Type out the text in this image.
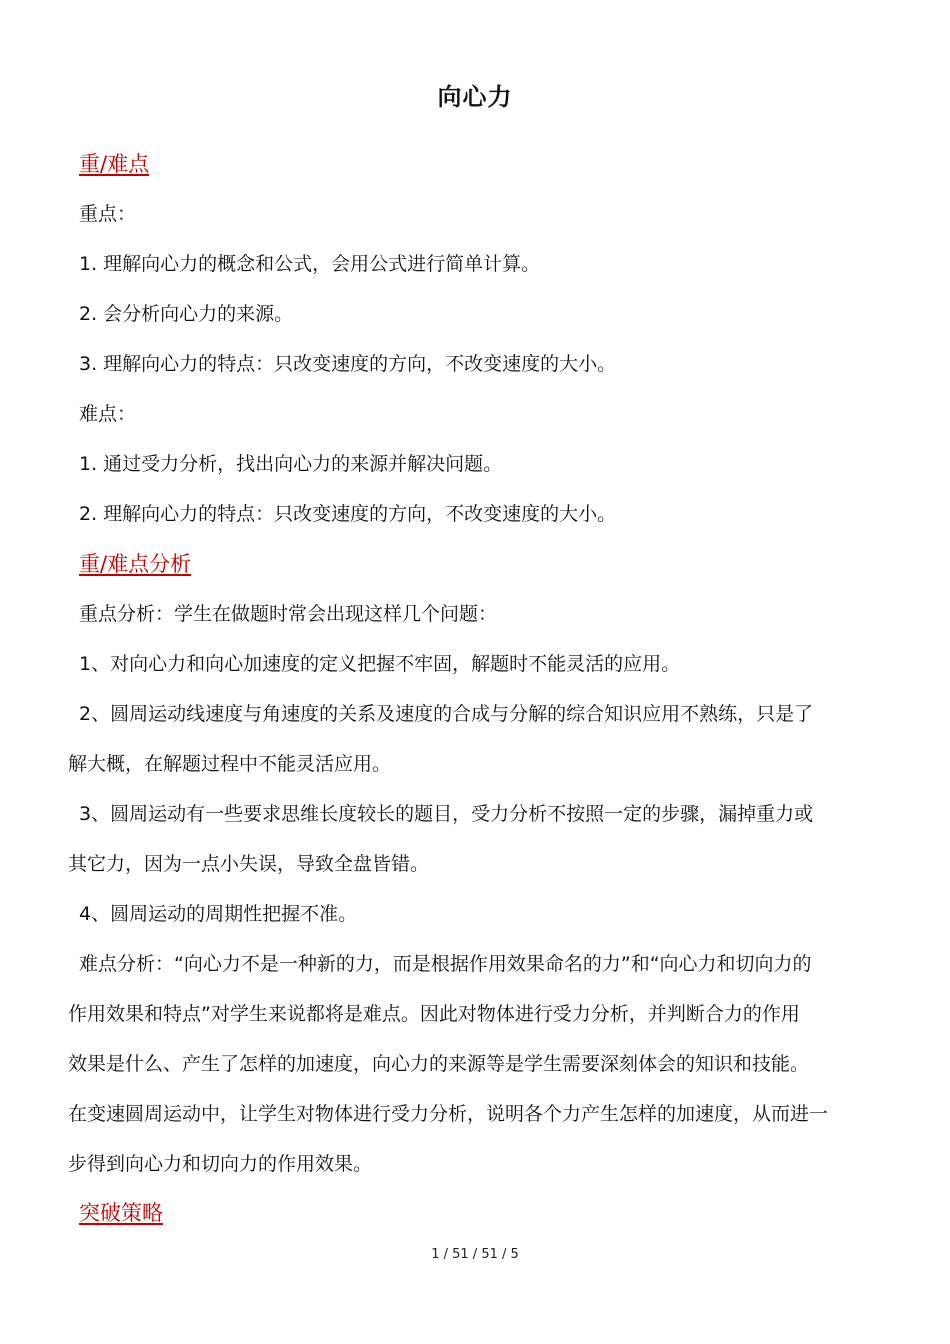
向心力
重/难点
重点：
1. 理解向心力的概念和公式，会用公式进行简单计算。
2. 会分析向心力的来源。
3. 理解向心力的特点：只改变速度的方向，不改变速度的大小。
难点：
1. 通过受力分析，找出向心力的来源并解决问题。
2. 理解向心力的特点：只改变速度的方向，不改变速度的大小。
重/难点分析
重点分析：学生在做题时常会出现这样几个问题：
1、对向心力和向心加速度的定义把握不牢固，解题时不能灵活的应用。
2、圆周运动线速度与角速度的关系及速度的合成与分解的综合知识应用不熟练，只是了
解大概，在解题过程中不能灵活应用。
3、圆周运动有一些要求思维长度较长的题目，受力分析不按照一定的步骤，漏掉重力或
其它力，因为一点小失误，导致全盘皆错。
4、圆周运动的周期性把握不准。
难点分析：“向心力不是一种新的力，而是根据作用效果命名的力”和“向心力和切向力的
作用效果和特点”对学生来说都将是难点。因此对物体进行受力分析，并判断合力的作用
效果是什么、产生了怎样的加速度，向心力的来源等是学生需要深刻体会的知识和技能。
在变速圆周运动中，让学生对物体进行受力分析，说明各个力产生怎样的加速度，从而进一
步得到向心力和切向力的作用效果。
突破策略
1 / 51 / 51 / 5
